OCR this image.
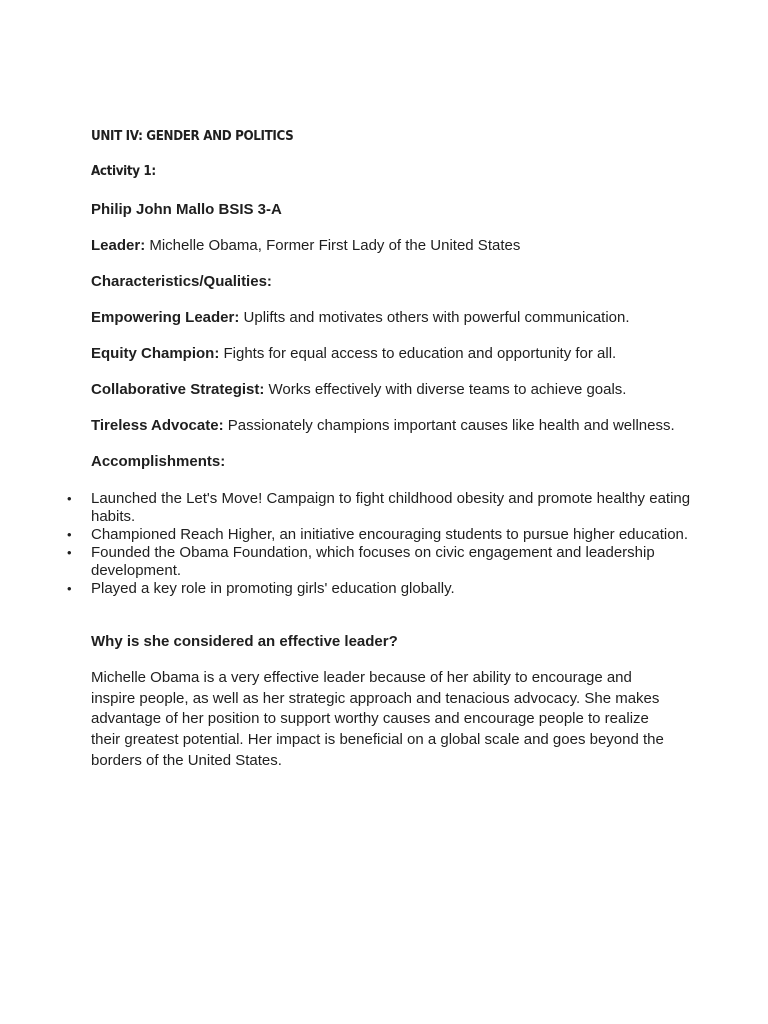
UNIT IV: GENDER AND POLITICS

Activity 1:

Philip John Mallo BSIS 3-A
Leader: Michelle Obama, Former First Lady of the United States
Characteristics/Qualities:
Empowering Leader: Uplifts and motivates others with powerful communication.
Equity Champion: Fights for equal access to education and opportunity for all.
Collaborative Strategist: Works effectively with diverse teams to achieve goals.
Tireless Advocate: Passionately champions important causes like health and wellness.
Accomplishments:
• Launched the Let's Move! Campaign to fight childhood obesity and promote healthy eating habits.
• Championed Reach Higher, an initiative encouraging students to pursue higher education.
• Founded the Obama Foundation, which focuses on civic engagement and leadership development.
• Played a key role in promoting girls' education globally.
Why is she considered an effective leader?

Michelle Obama is a very effective leader because of her ability to encourage and inspire people, as well as her strategic approach and tenacious advocacy. She makes advantage of her position to support worthy causes and encourage people to realize their greatest potential. Her impact is beneficial on a global scale and goes beyond the borders of the United States.
